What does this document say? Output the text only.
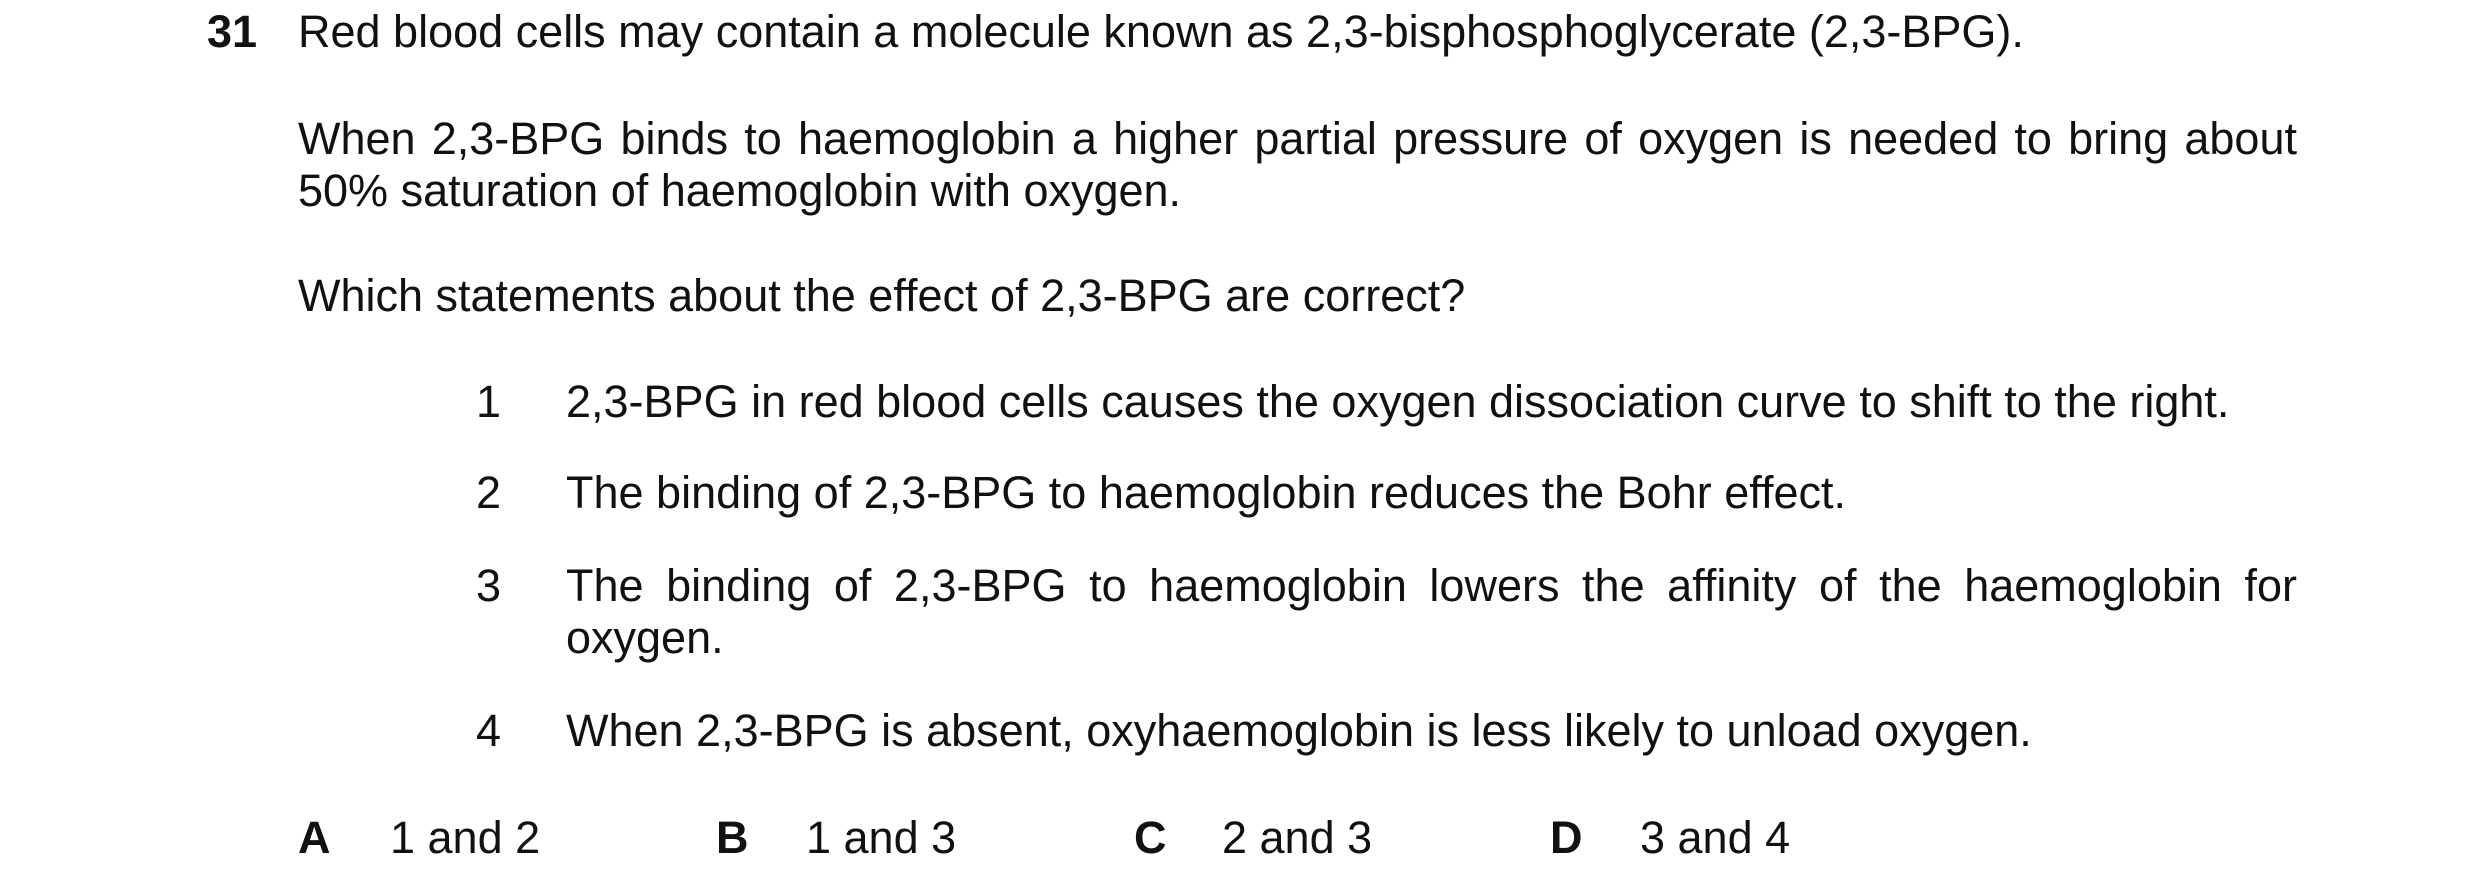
31 Red blood cells may contain a molecule known as 2,3-bisphosphoglycerate (2,3-BPG).

When 2,3-BPG binds to haemoglobin a higher partial pressure of oxygen is needed to bring about 50% saturation of haemoglobin with oxygen.

Which statements about the effect of 2,3-BPG are correct?

1 2,3-BPG in red blood cells causes the oxygen dissociation curve to shift to the right.

2 The binding of 2,3-BPG to haemoglobin reduces the Bohr effect.

3 The binding of 2,3-BPG to haemoglobin lowers the affinity of the haemoglobin for oxygen.

4 When 2,3-BPG is absent, oxyhaemoglobin is less likely to unload oxygen.

A 1 and 2	B 1 and 3	C 2 and 3	D 3 and 4
